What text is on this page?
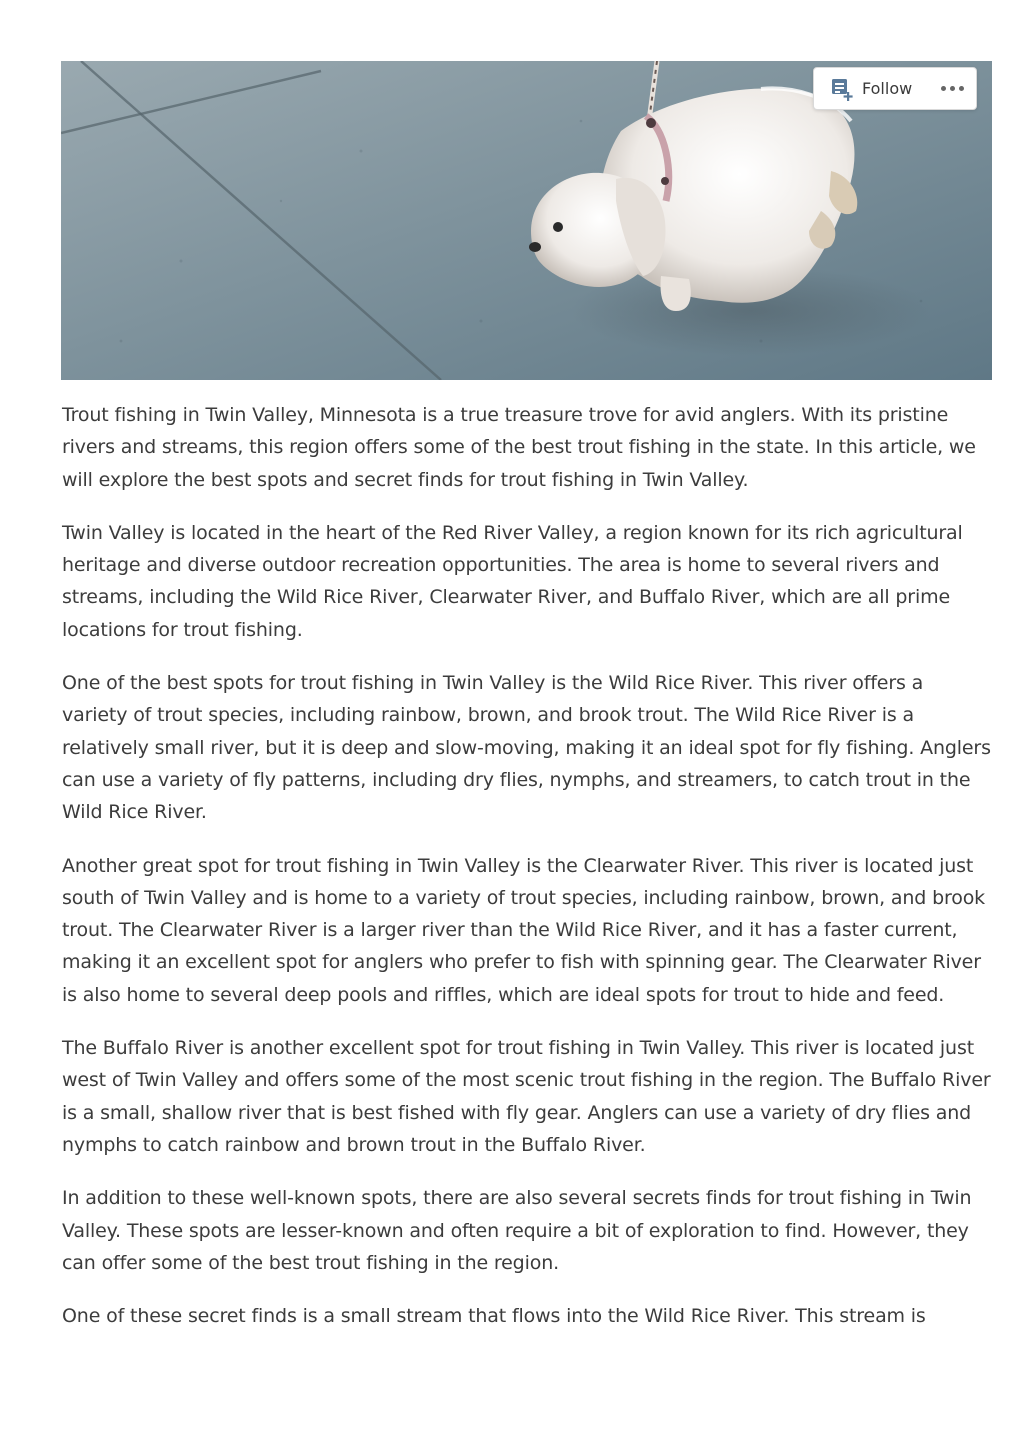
Follow

Trout fishing in Twin Valley, Minnesota is a true treasure trove for avid anglers. With its pristine rivers and streams, this region offers some of the best trout fishing in the state. In this article, we will explore the best spots and secret finds for trout fishing in Twin Valley.

Twin Valley is located in the heart of the Red River Valley, a region known for its rich agricultural heritage and diverse outdoor recreation opportunities. The area is home to several rivers and streams, including the Wild Rice River, Clearwater River, and Buffalo River, which are all prime locations for trout fishing.

One of the best spots for trout fishing in Twin Valley is the Wild Rice River. This river offers a variety of trout species, including rainbow, brown, and brook trout. The Wild Rice River is a relatively small river, but it is deep and slow-moving, making it an ideal spot for fly fishing. Anglers can use a variety of fly patterns, including dry flies, nymphs, and streamers, to catch trout in the Wild Rice River.

Another great spot for trout fishing in Twin Valley is the Clearwater River. This river is located just south of Twin Valley and is home to a variety of trout species, including rainbow, brown, and brook trout. The Clearwater River is a larger river than the Wild Rice River, and it has a faster current, making it an excellent spot for anglers who prefer to fish with spinning gear. The Clearwater River is also home to several deep pools and riffles, which are ideal spots for trout to hide and feed.

The Buffalo River is another excellent spot for trout fishing in Twin Valley. This river is located just west of Twin Valley and offers some of the most scenic trout fishing in the region. The Buffalo River is a small, shallow river that is best fished with fly gear. Anglers can use a variety of dry flies and nymphs to catch rainbow and brown trout in the Buffalo River.

In addition to these well-known spots, there are also several secrets finds for trout fishing in Twin Valley. These spots are lesser-known and often require a bit of exploration to find. However, they can offer some of the best trout fishing in the region.

One of these secret finds is a small stream that flows into the Wild Rice River. This stream is
